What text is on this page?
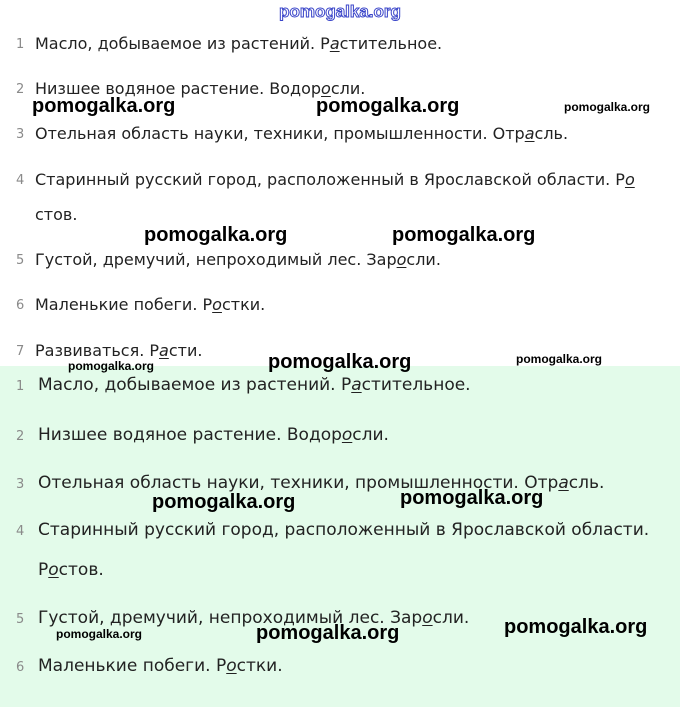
pomogalka.org
1 Масло, добываемое из растений. Растительное.
2 Низшее водяное растение. Водоросли.
3 Отельная область науки, техники, промышленности. Отрасль.
4 Старинный русский город, расположенный в Ярославской области. Ро
стов.
5 Густой, дремучий, непроходимый лес. Заросли.
6 Маленькие побеги. Ростки.
7 Развиваться. Расти.
1 Масло, добываемое из растений. Растительное.
2 Низшее водяное растение. Водоросли.
3 Отельная область науки, техники, промышленности. Отрасль.
4 Старинный русский город, расположенный в Ярославской области.
Ростов.
5 Густой, дремучий, непроходимый лес. Заросли.
6 Маленькие побеги. Ростки.
pomogalka.org	pomogalka.org	pomogalka.org
pomogalka.org	pomogalka.org
pomogalka.org	pomogalka.org	pomogalka.org
pomogalka.org	pomogalka.org
pomogalka.org	pomogalka.org	pomogalka.org
